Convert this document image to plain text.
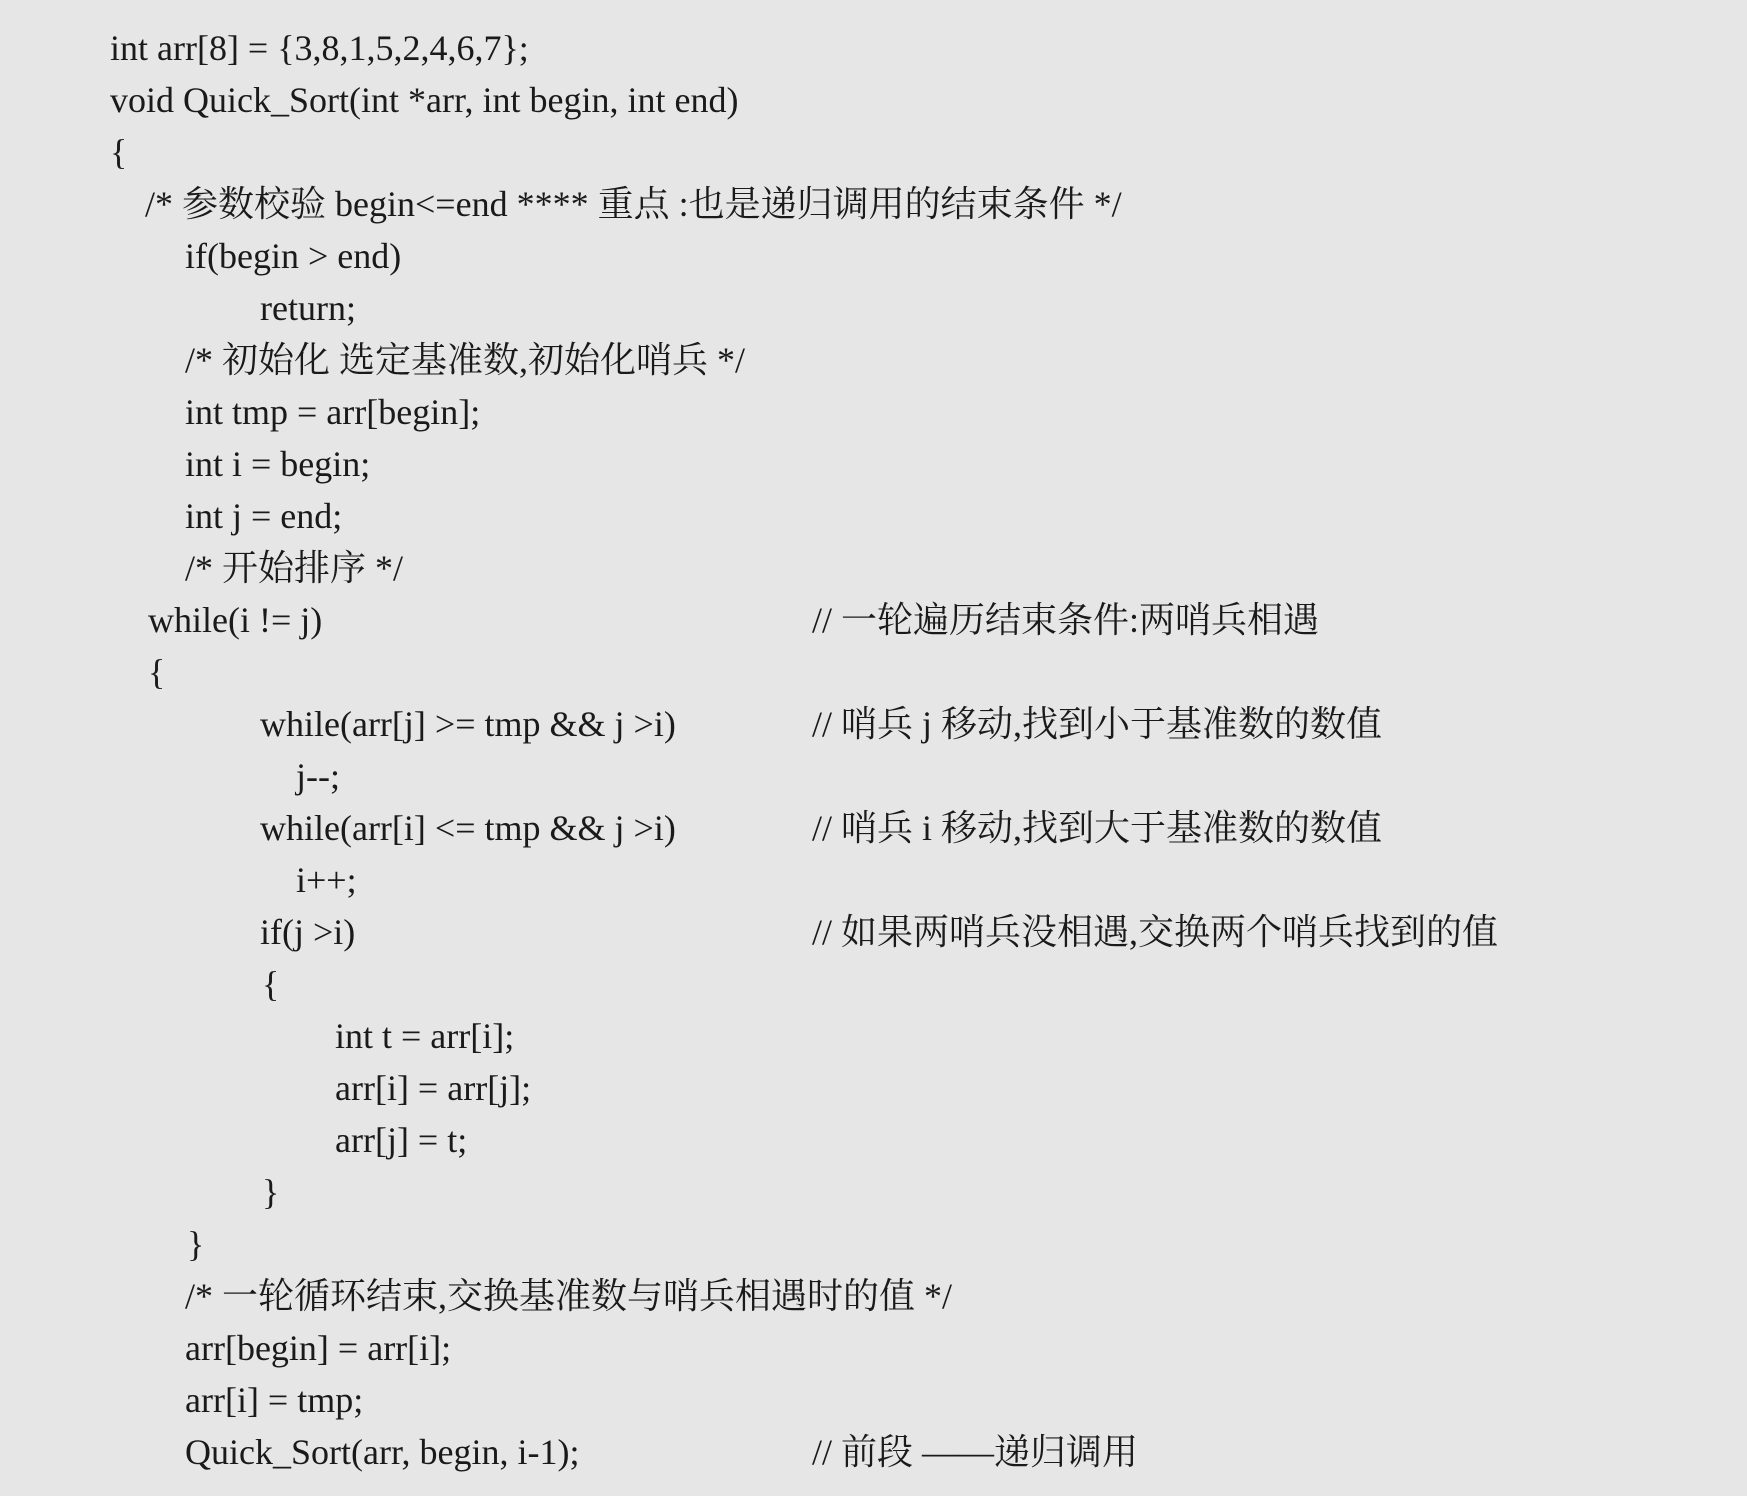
int arr[8] = {3,8,1,5,2,4,6,7};
void Quick_Sort(int *arr, int begin, int end)
{
/* 参数校验 begin<=end **** 重点 :也是递归调用的结束条件 */
if(begin > end)
return;
/* 初始化 选定基准数,初始化哨兵 */
int tmp = arr[begin];
int i = begin;
int j = end;
/* 开始排序 */
while(i != j)	// 一轮遍历结束条件:两哨兵相遇
{
while(arr[j] >= tmp && j >i)	// 哨兵 j 移动,找到小于基准数的数值
j--;
while(arr[i] <= tmp && j >i)	// 哨兵 i 移动,找到大于基准数的数值
i++;
if(j >i)	// 如果两哨兵没相遇,交换两个哨兵找到的值
{
int t = arr[i];
arr[i] = arr[j];
arr[j] = t;
}
}
/* 一轮循环结束,交换基准数与哨兵相遇时的值 */
arr[begin] = arr[i];
arr[i] = tmp;
Quick_Sort(arr, begin, i-1);	// 前段 ——递归调用
